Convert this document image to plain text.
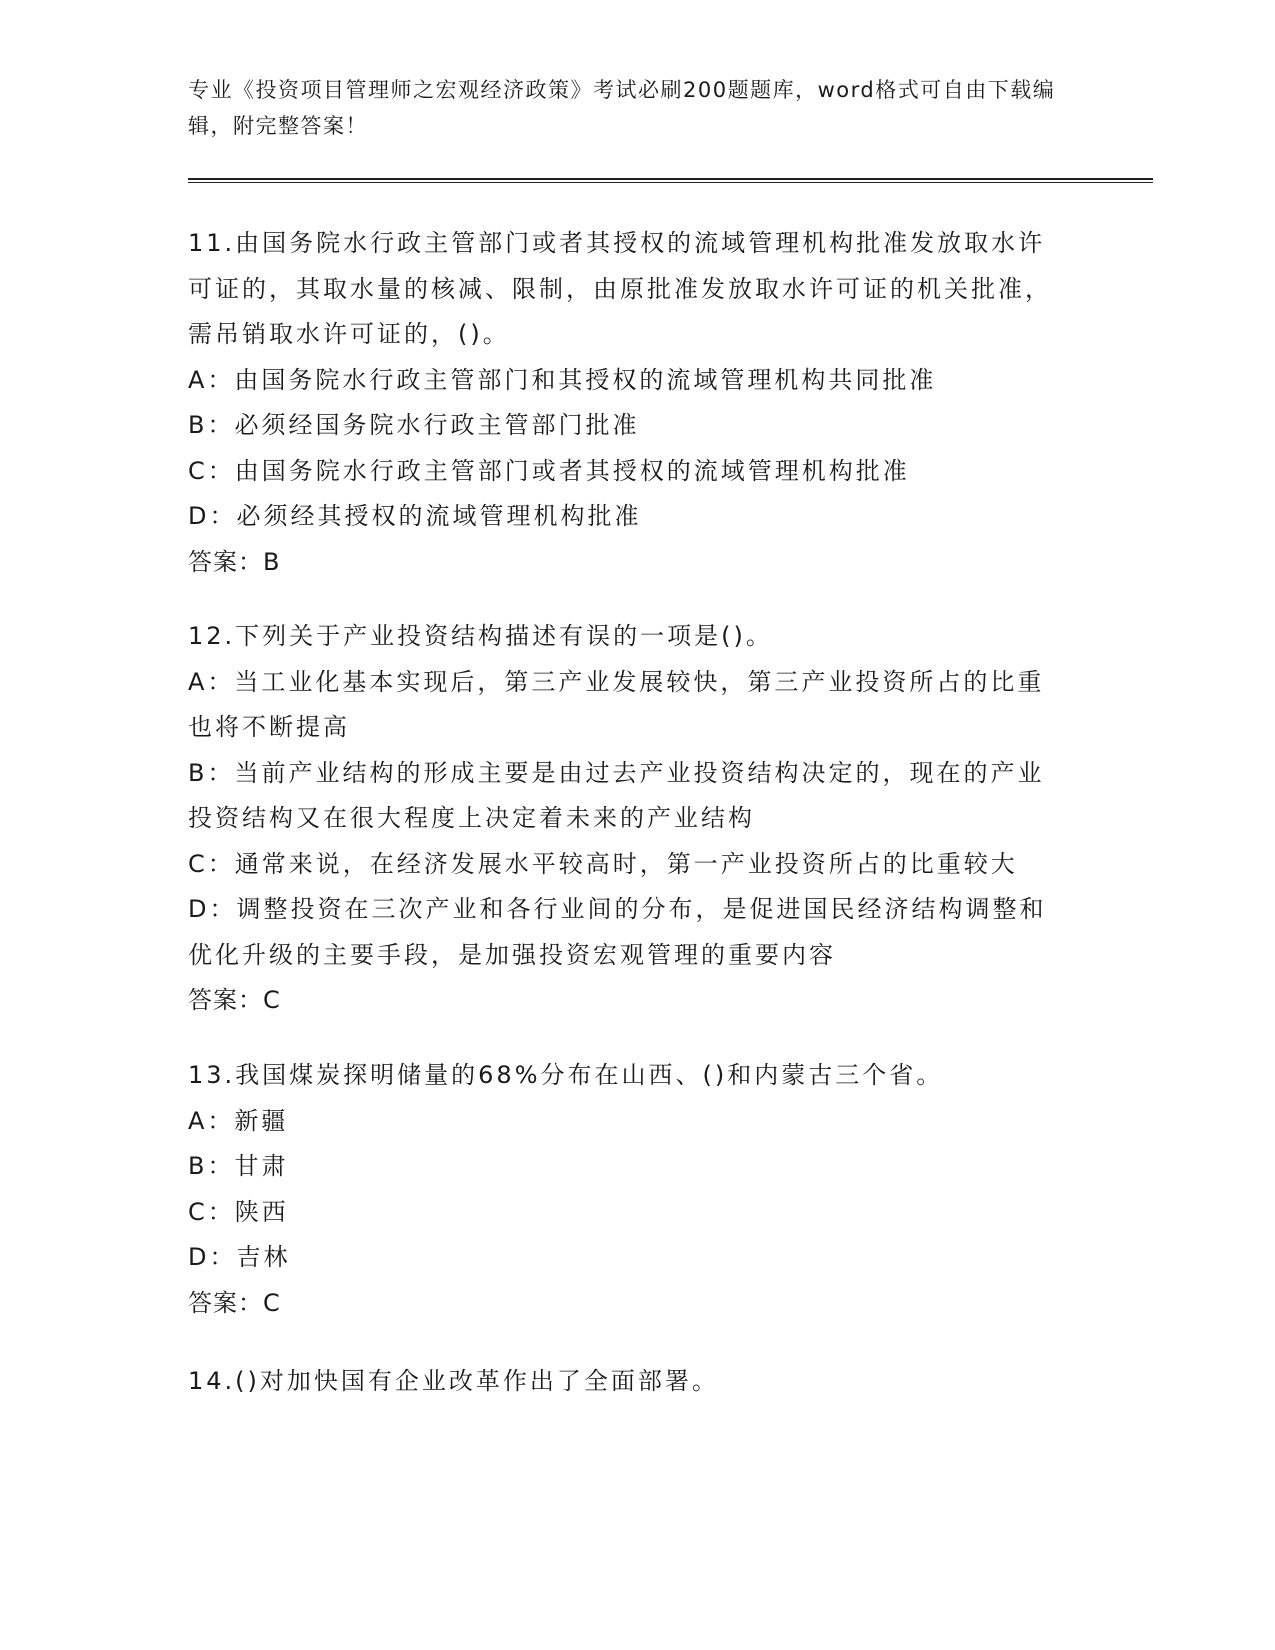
专业《投资项目管理师之宏观经济政策》考试必刷200题题库，word格式可自由下载编辑，附完整答案！
11.由国务院水行政主管部门或者其授权的流域管理机构批准发放取水许可证的，其取水量的核减、限制，由原批准发放取水许可证的机关批准，需吊销取水许可证的，()。
A：由国务院水行政主管部门和其授权的流域管理机构共同批准
B：必须经国务院水行政主管部门批准
C：由国务院水行政主管部门或者其授权的流域管理机构批准
D：必须经其授权的流域管理机构批准
答案：B
12.下列关于产业投资结构描述有误的一项是()。
A：当工业化基本实现后，第三产业发展较快，第三产业投资所占的比重也将不断提高
B：当前产业结构的形成主要是由过去产业投资结构决定的，现在的产业投资结构又在很大程度上决定着未来的产业结构
C：通常来说，在经济发展水平较高时，第一产业投资所占的比重较大
D：调整投资在三次产业和各行业间的分布，是促进国民经济结构调整和优化升级的主要手段，是加强投资宏观管理的重要内容
答案：C
13.我国煤炭探明储量的68%分布在山西、()和内蒙古三个省。
A：新疆
B：甘肃
C：陕西
D：吉林
答案：C
14.()对加快国有企业改革作出了全面部署。
